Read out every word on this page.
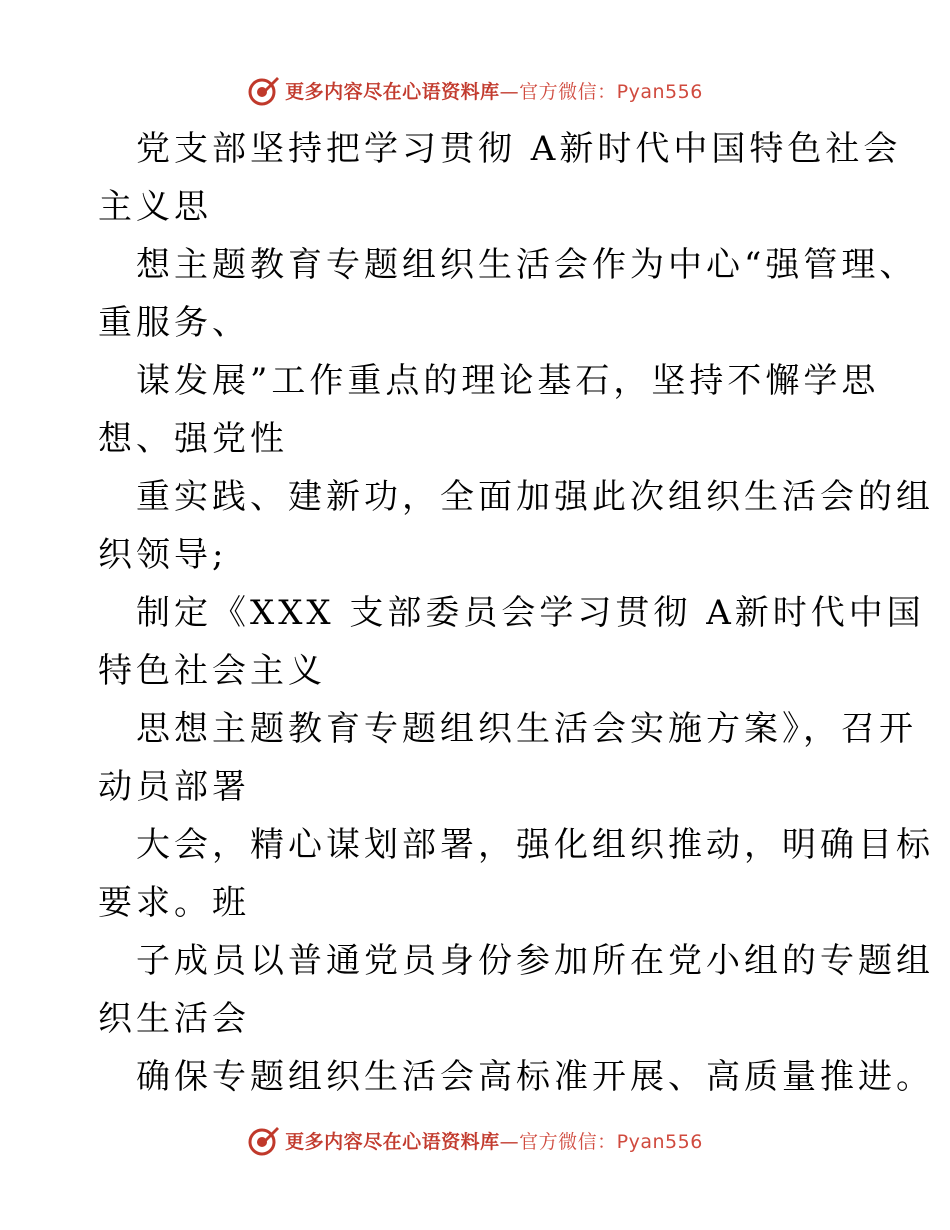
更多内容尽在心语资料库—官方微信：Pyan556

党支部坚持把学习贯彻 A新时代中国特色社会
主义思

想主题教育专题组织生活会作为中心“强管理、
重服务、

谋发展”工作重点的理论基石，坚持不懈学思
想、强党性

重实践、建新功，全面加强此次组织生活会的组
织领导;

制定《XXX 支部委员会学习贯彻 A新时代中国
特色社会主义

思想主题教育专题组织生活会实施方案》，召开
动员部署

大会，精心谋划部署，强化组织推动，明确目标
要求。班

子成员以普通党员身份参加所在党小组的专题组
织生活会

确保专题组织生活会高标准开展、高质量推进。

更多内容尽在心语资料库—官方微信：Pyan556
